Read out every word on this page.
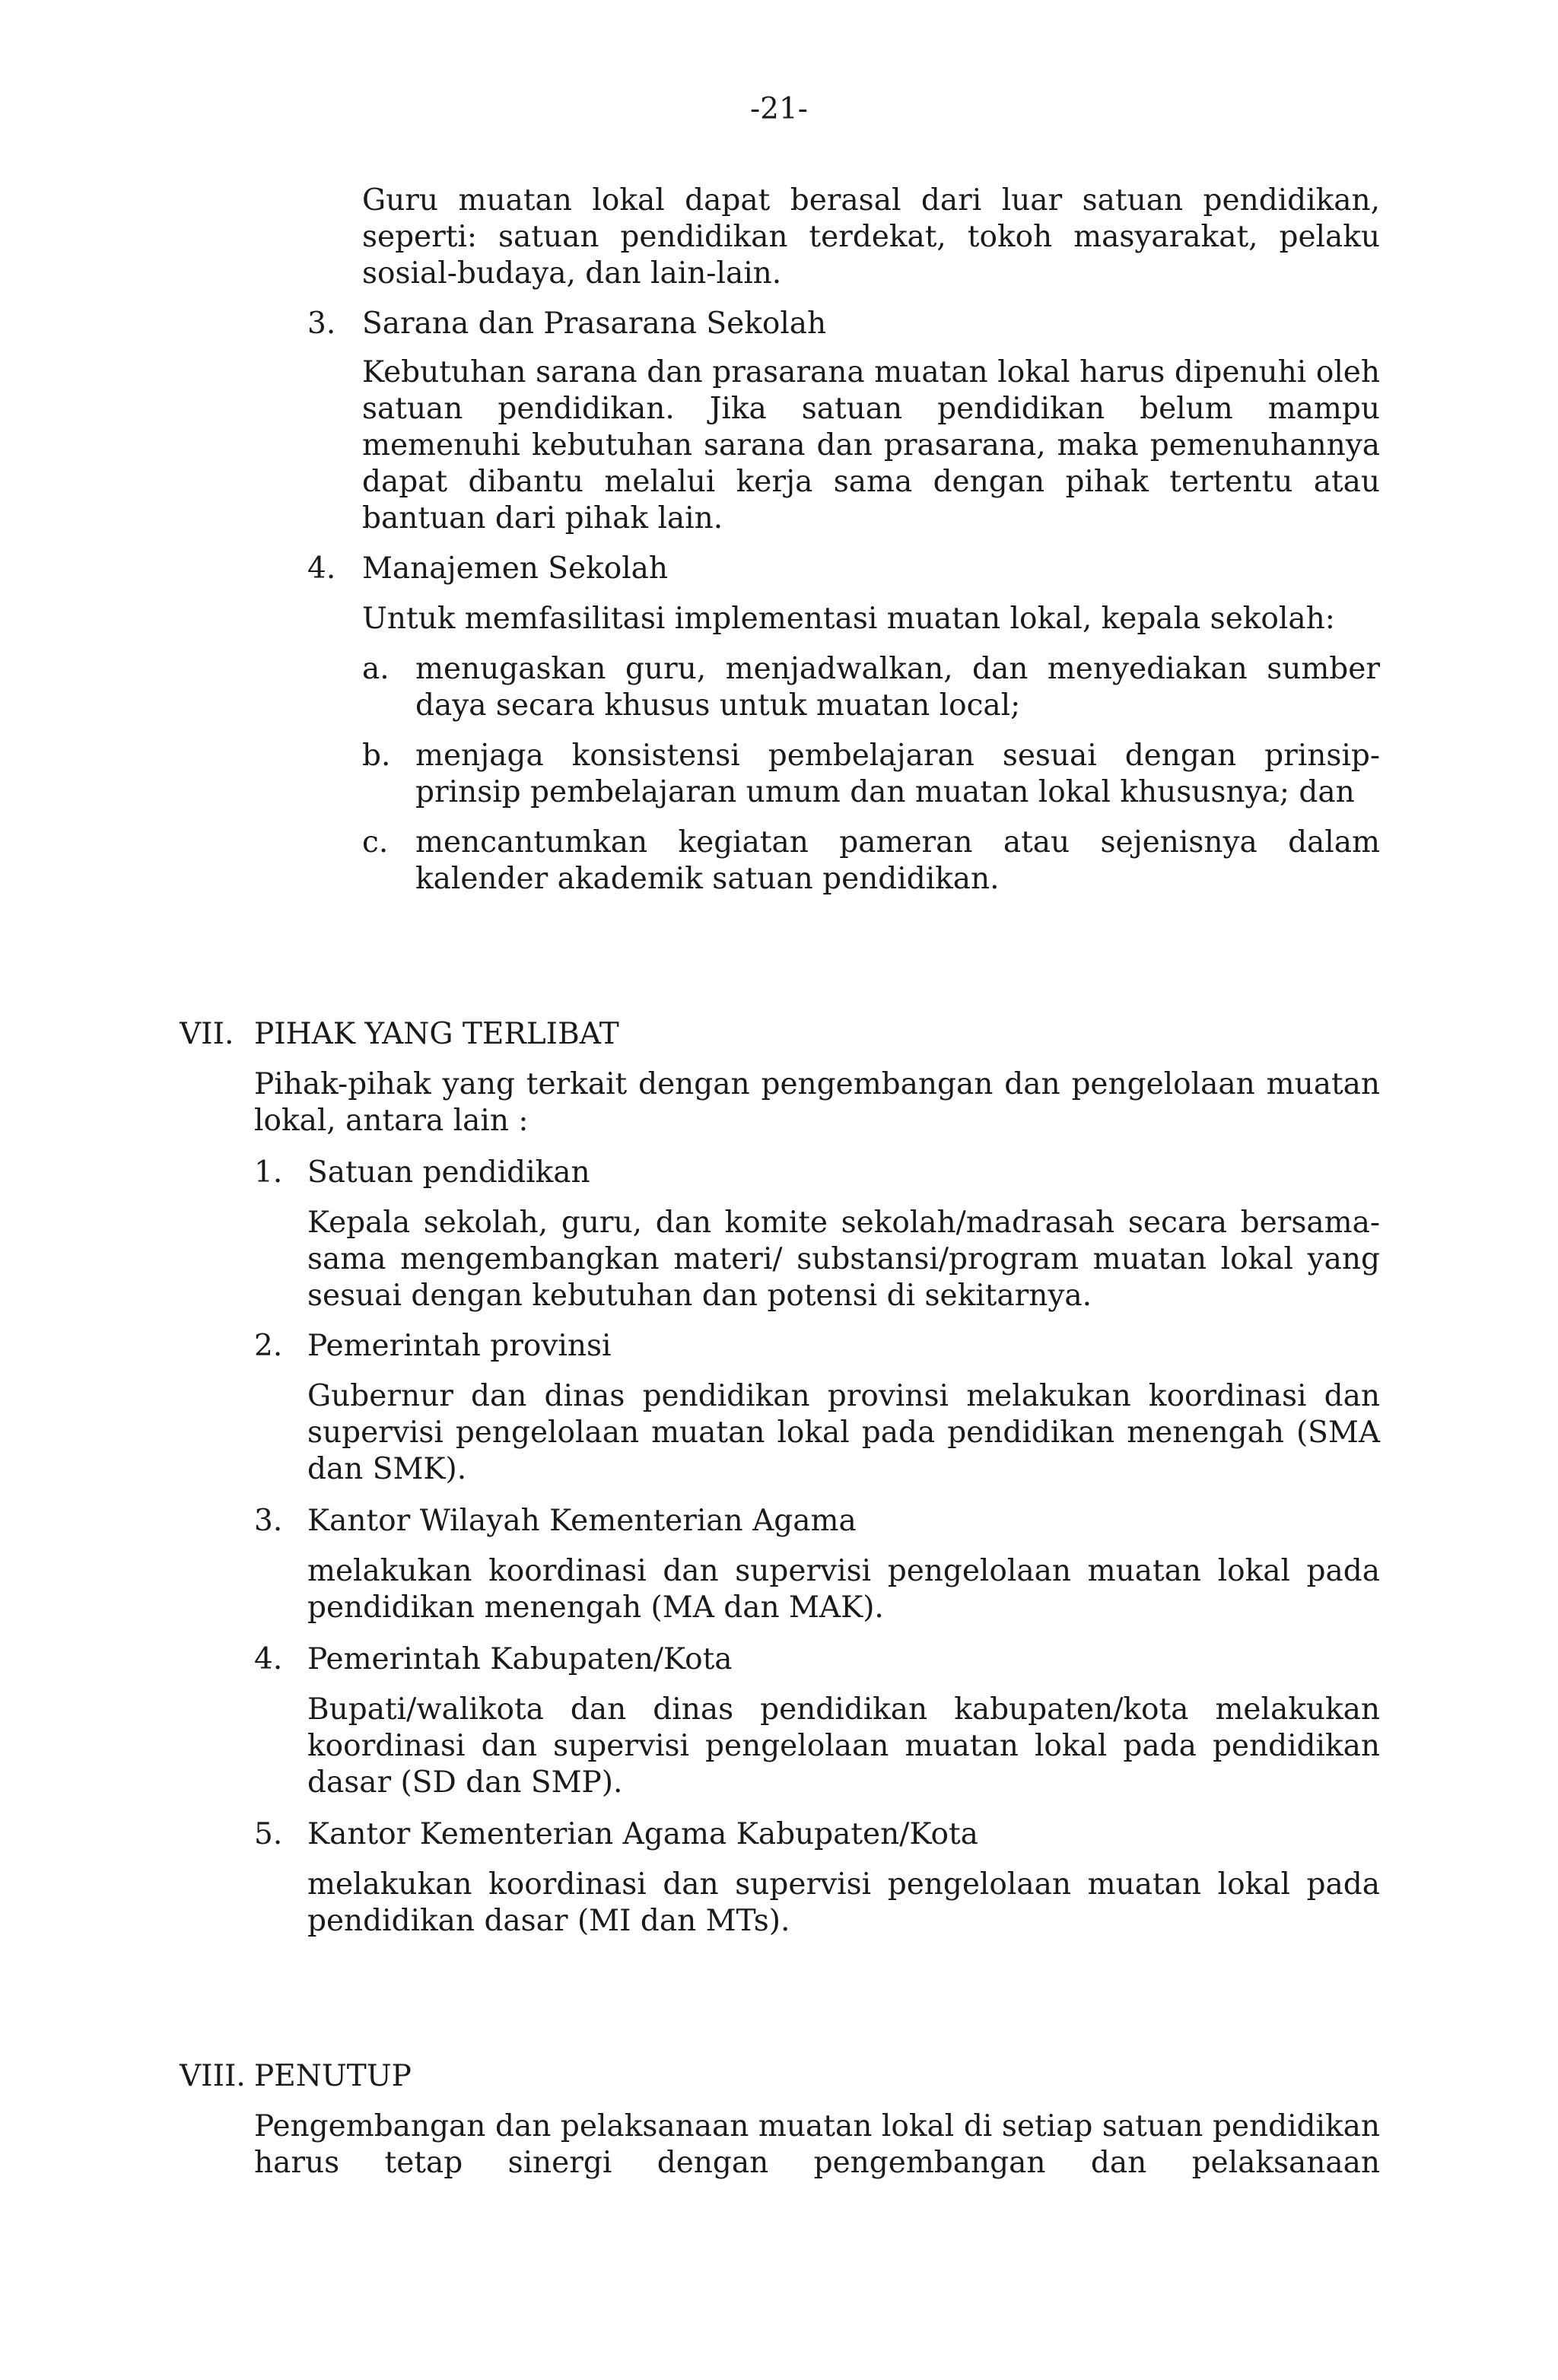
-21-
Guru muatan lokal dapat berasal dari luar satuan pendidikan, seperti: satuan pendidikan terdekat, tokoh masyarakat, pelaku sosial-budaya, dan lain-lain.
3. Sarana dan Prasarana Sekolah
Kebutuhan sarana dan prasarana muatan lokal harus dipenuhi oleh satuan pendidikan. Jika satuan pendidikan belum mampu memenuhi kebutuhan sarana dan prasarana, maka pemenuhannya dapat dibantu melalui kerja sama dengan pihak tertentu atau bantuan dari pihak lain.
4. Manajemen Sekolah
Untuk memfasilitasi implementasi muatan lokal, kepala sekolah:
a. menugaskan guru, menjadwalkan, dan menyediakan sumber daya secara khusus untuk muatan local;
b. menjaga konsistensi pembelajaran sesuai dengan prinsip-prinsip pembelajaran umum dan muatan lokal khususnya; dan
c. mencantumkan kegiatan pameran atau sejenisnya dalam kalender akademik satuan pendidikan.
VII. PIHAK YANG TERLIBAT
Pihak-pihak yang terkait dengan pengembangan dan pengelolaan muatan lokal, antara lain :
1. Satuan pendidikan
Kepala sekolah, guru, dan komite sekolah/madrasah secara bersama-sama mengembangkan materi/ substansi/program muatan lokal yang sesuai dengan kebutuhan dan potensi di sekitarnya.
2. Pemerintah provinsi
Gubernur dan dinas pendidikan provinsi melakukan koordinasi dan supervisi pengelolaan muatan lokal pada pendidikan menengah (SMA dan SMK).
3. Kantor Wilayah Kementerian Agama
melakukan koordinasi dan supervisi pengelolaan muatan lokal pada pendidikan menengah (MA dan MAK).
4. Pemerintah Kabupaten/Kota
Bupati/walikota dan dinas pendidikan kabupaten/kota melakukan koordinasi dan supervisi pengelolaan muatan lokal pada pendidikan dasar (SD dan SMP).
5. Kantor Kementerian Agama Kabupaten/Kota
melakukan koordinasi dan supervisi pengelolaan muatan lokal pada pendidikan dasar (MI dan MTs).
VIII. PENUTUP
Pengembangan dan pelaksanaan muatan lokal di setiap satuan pendidikan harus tetap sinergi dengan pengembangan dan pelaksanaan
